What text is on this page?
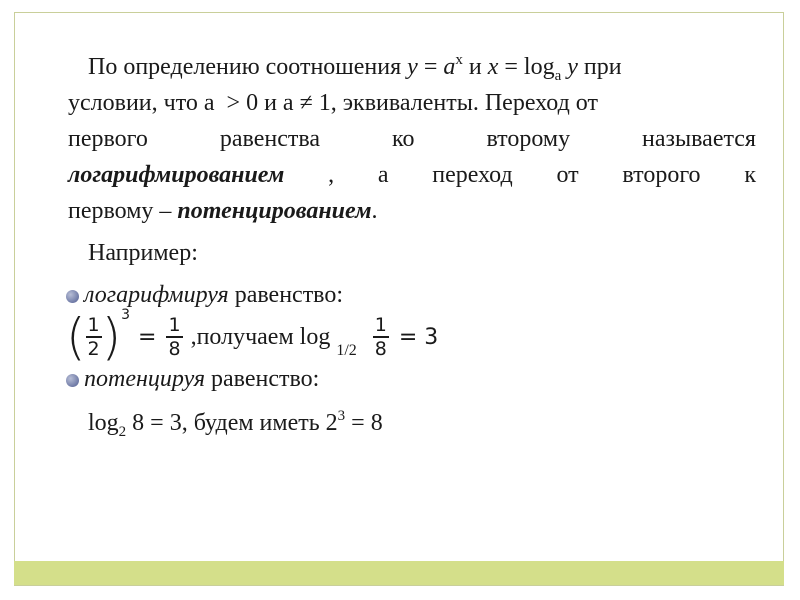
По определению соотношения $y = a^x$ и $x = \log_a y$ при
условии, что a  > 0 и a ≠ 1, эквиваленты. Переход от
первого	равенства	ко	второму	называется
логарифмированием , а переход от второго к
первому – потенцированием.
Например:
логарифмируя равенство:
( $\frac{1}{2}$ ) 3
= $\frac{1}{8}$ ,получаем log
$1/2 \frac{1}{8} = 3$
потенцируя равенство:
$\log_2 8 = 3$, будем иметь $2^3 = 8$
